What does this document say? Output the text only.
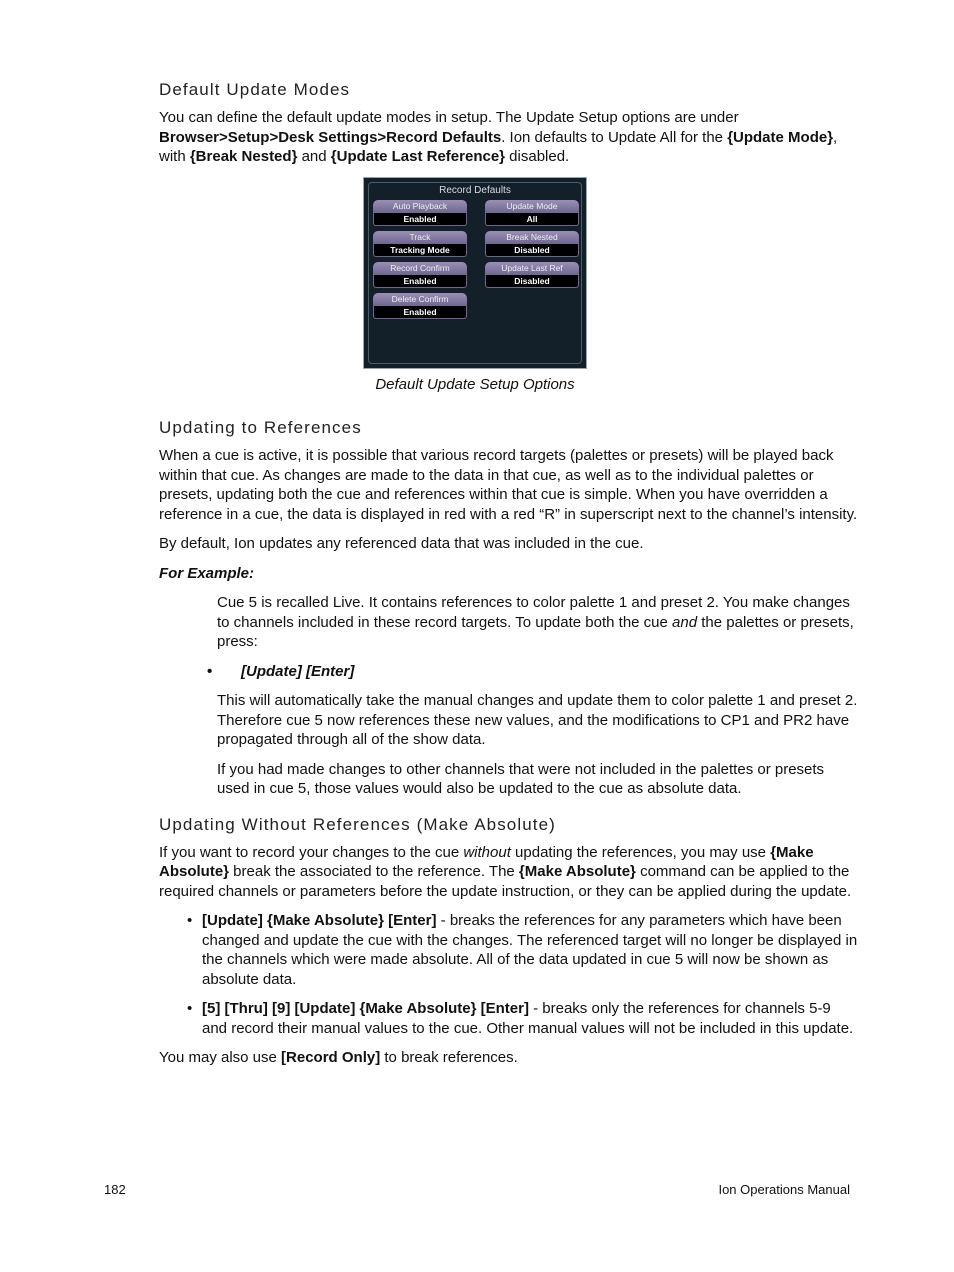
Default Update Modes

You can define the default update modes in setup. The Update Setup options are under Browser>Setup>Desk Settings>Record Defaults. Ion defaults to Update All for the {Update Mode}, with {Break Nested} and {Update Last Reference} disabled.

Record Defaults
Auto Playback
Enabled
Update Mode
All
Track
Tracking Mode
Break Nested
Disabled
Record Confirm
Enabled
Update Last Ref
Disabled
Delete Confirm
Enabled

Default Update Setup Options

Updating to References

When a cue is active, it is possible that various record targets (palettes or presets) will be played back within that cue. As changes are made to the data in that cue, as well as to the individual palettes or presets, updating both the cue and references within that cue is simple. When you have overridden a reference in a cue, the data is displayed in red with a red “R” in superscript next to the channel’s intensity.

By default, Ion updates any referenced data that was included in the cue.

For Example:

Cue 5 is recalled Live. It contains references to color palette 1 and preset 2. You make changes to channels included in these record targets. To update both the cue and the palettes or presets, press:

• [Update] [Enter]

This will automatically take the manual changes and update them to color palette 1 and preset 2. Therefore cue 5 now references these new values, and the modifications to CP1 and PR2 have propagated through all of the show data.

If you had made changes to other channels that were not included in the palettes or presets used in cue 5, those values would also be updated to the cue as absolute data.

Updating Without References (Make Absolute)

If you want to record your changes to the cue without updating the references, you may use {Make Absolute} break the associated to the reference. The {Make Absolute} command can be applied to the required channels or parameters before the update instruction, or they can be applied during the update.

• [Update] {Make Absolute} [Enter] - breaks the references for any parameters which have been changed and update the cue with the changes. The referenced target will no longer be displayed in the channels which were made absolute. All of the data updated in cue 5 will now be shown as absolute data.
• [5] [Thru] [9] [Update] {Make Absolute} [Enter] - breaks only the references for channels 5-9 and record their manual values to the cue. Other manual values will not be included in this update.

You may also use [Record Only] to break references.

182	Ion Operations Manual
